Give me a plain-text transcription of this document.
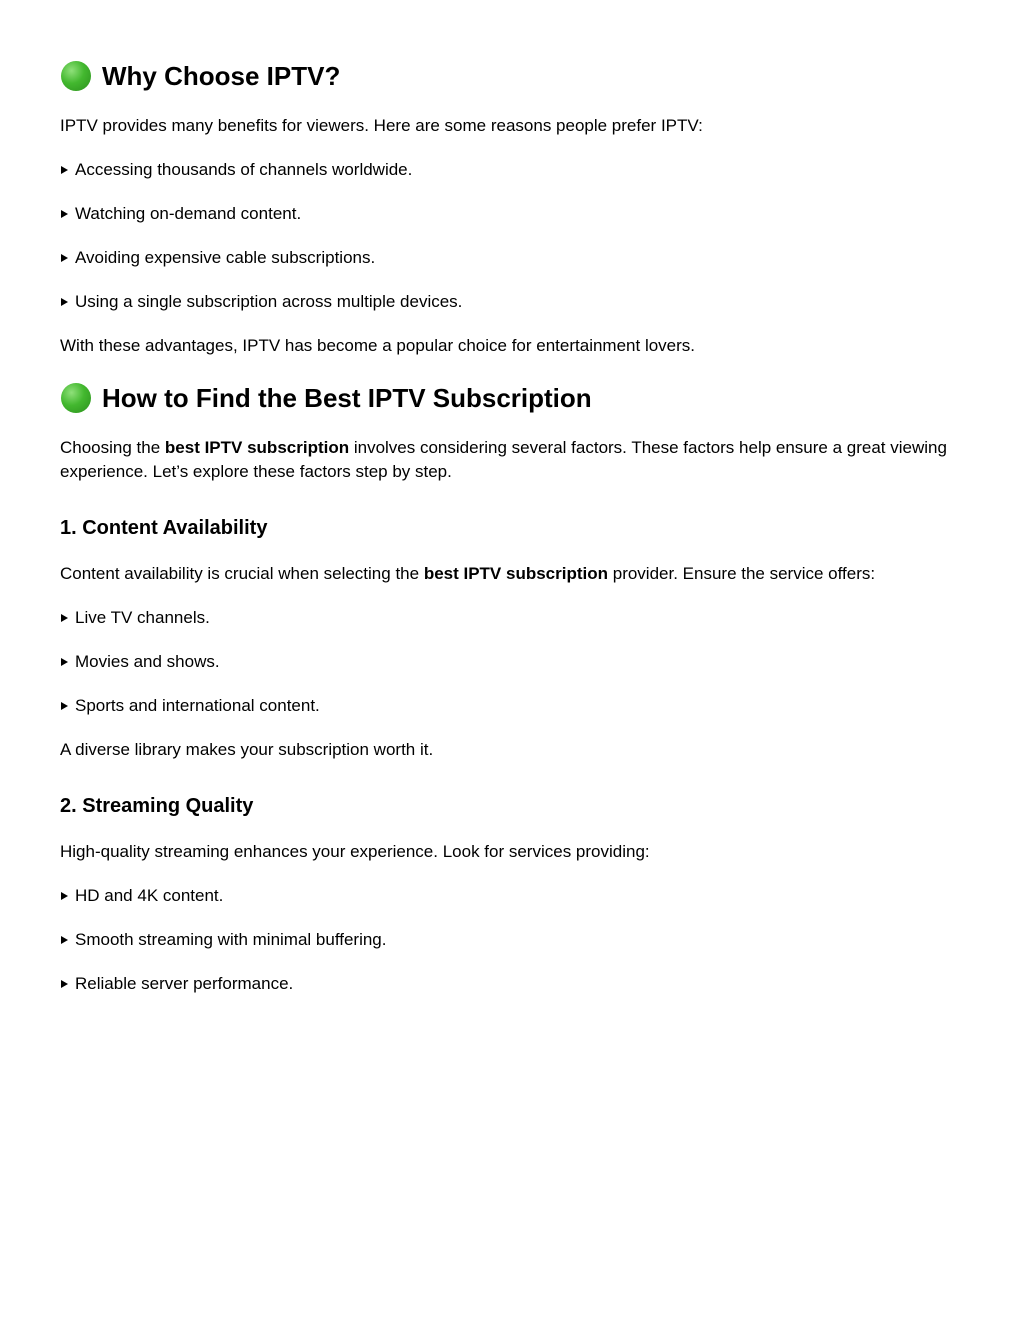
Why Choose IPTV?

IPTV provides many benefits for viewers. Here are some reasons people prefer IPTV:

Accessing thousands of channels worldwide.
Watching on-demand content.
Avoiding expensive cable subscriptions.
Using a single subscription across multiple devices.

With these advantages, IPTV has become a popular choice for entertainment lovers.

How to Find the Best IPTV Subscription

Choosing the best IPTV subscription involves considering several factors. These factors help ensure a great viewing experience. Let’s explore these factors step by step.

1. Content Availability

Content availability is crucial when selecting the best IPTV subscription provider. Ensure the service offers:

Live TV channels.
Movies and shows.
Sports and international content.

A diverse library makes your subscription worth it.

2. Streaming Quality

High-quality streaming enhances your experience. Look for services providing:

HD and 4K content.
Smooth streaming with minimal buffering.
Reliable server performance.
